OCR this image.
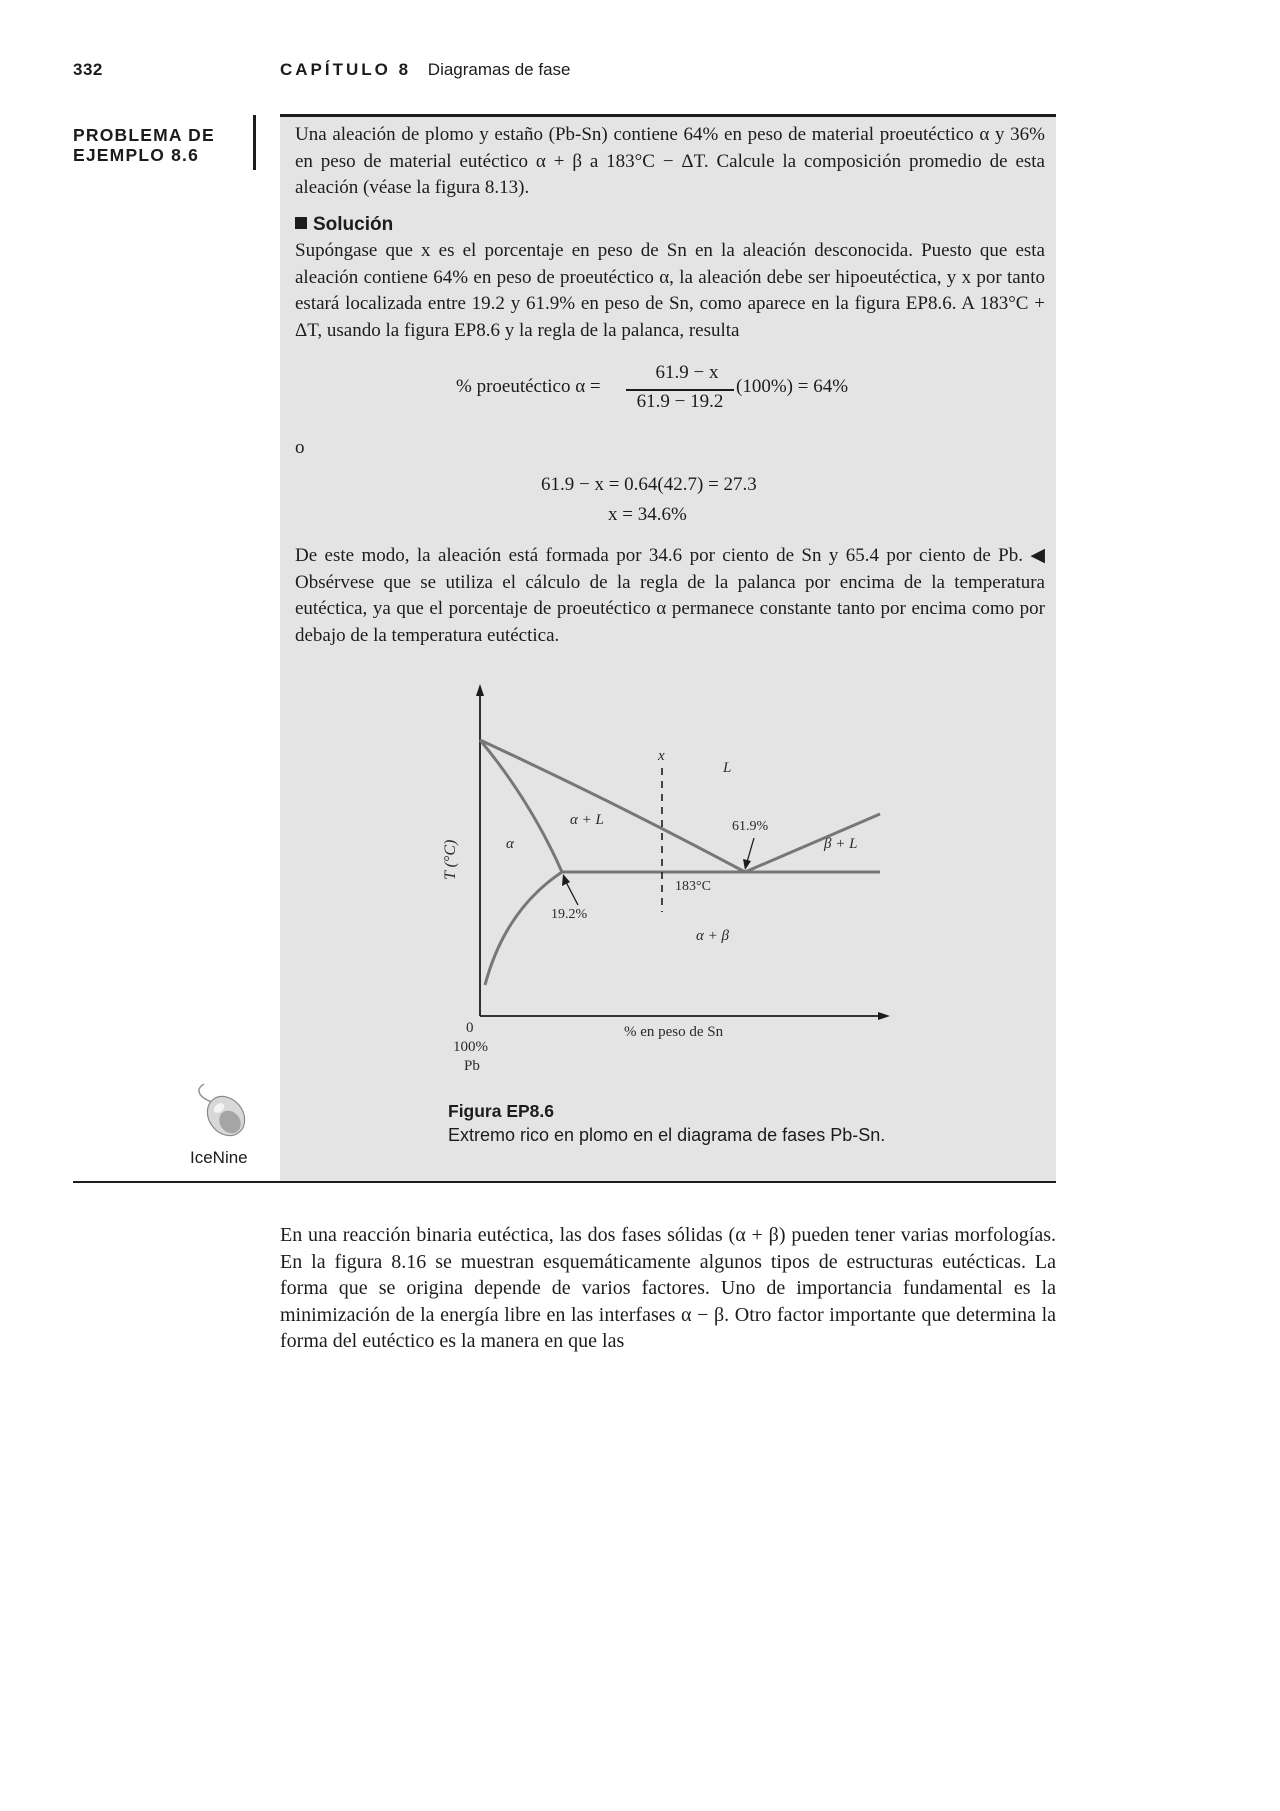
332	CAPÍTULO 8 Diagramas de fase
PROBLEMA DE
EJEMPLO 8.6
Una aleación de plomo y estaño (Pb-Sn) contiene 64% en peso de material proeutéctico α y 36% en peso de material eutéctico α + β a 183°C − ΔT. Calcule la composición promedio de esta aleación (véase la figura 8.13).
Solución
Supóngase que x es el porcentaje en peso de Sn en la aleación desconocida. Puesto que esta aleación contiene 64% en peso de proeutéctico α, la aleación debe ser hipoeutéctica, y x por tanto estará localizada entre 19.2 y 61.9% en peso de Sn, como aparece en la figura EP8.6. A 183°C + ΔT, usando la figura EP8.6 y la regla de la palanca, resulta
% proeutéctico α =
61.9 − x
61.9 − 19.2
(100%) = 64%
o
61.9 − x = 0.64(42.7) = 27.3
x = 34.6%
De este modo, la aleación está formada por 34.6 por ciento de Sn y 65.4 por ciento de Pb. ◀ Obsérvese que se utiliza el cálculo de la regla de la palanca por encima de la temperatura eutéctica, ya que el porcentaje de proeutéctico α permanece constante tanto por encima como por debajo de la temperatura eutéctica.
x
L
α + L
α	β + L
α + β
61.9%
183°C
19.2%
T (°C)
% en peso de Sn
0
100%
Pb
Figura EP8.6
Extremo rico en plomo en el diagrama de fases Pb-Sn.
IceNine
En una reacción binaria eutéctica, las dos fases sólidas (α + β) pueden tener varias morfologías. En la figura 8.16 se muestran esquemáticamente algunos tipos de estructuras eutécticas. La forma que se origina depende de varios factores. Uno de importancia fundamental es la minimización de la energía libre en las interfases α − β. Otro factor importante que determina la forma del eutéctico es la manera en que las
